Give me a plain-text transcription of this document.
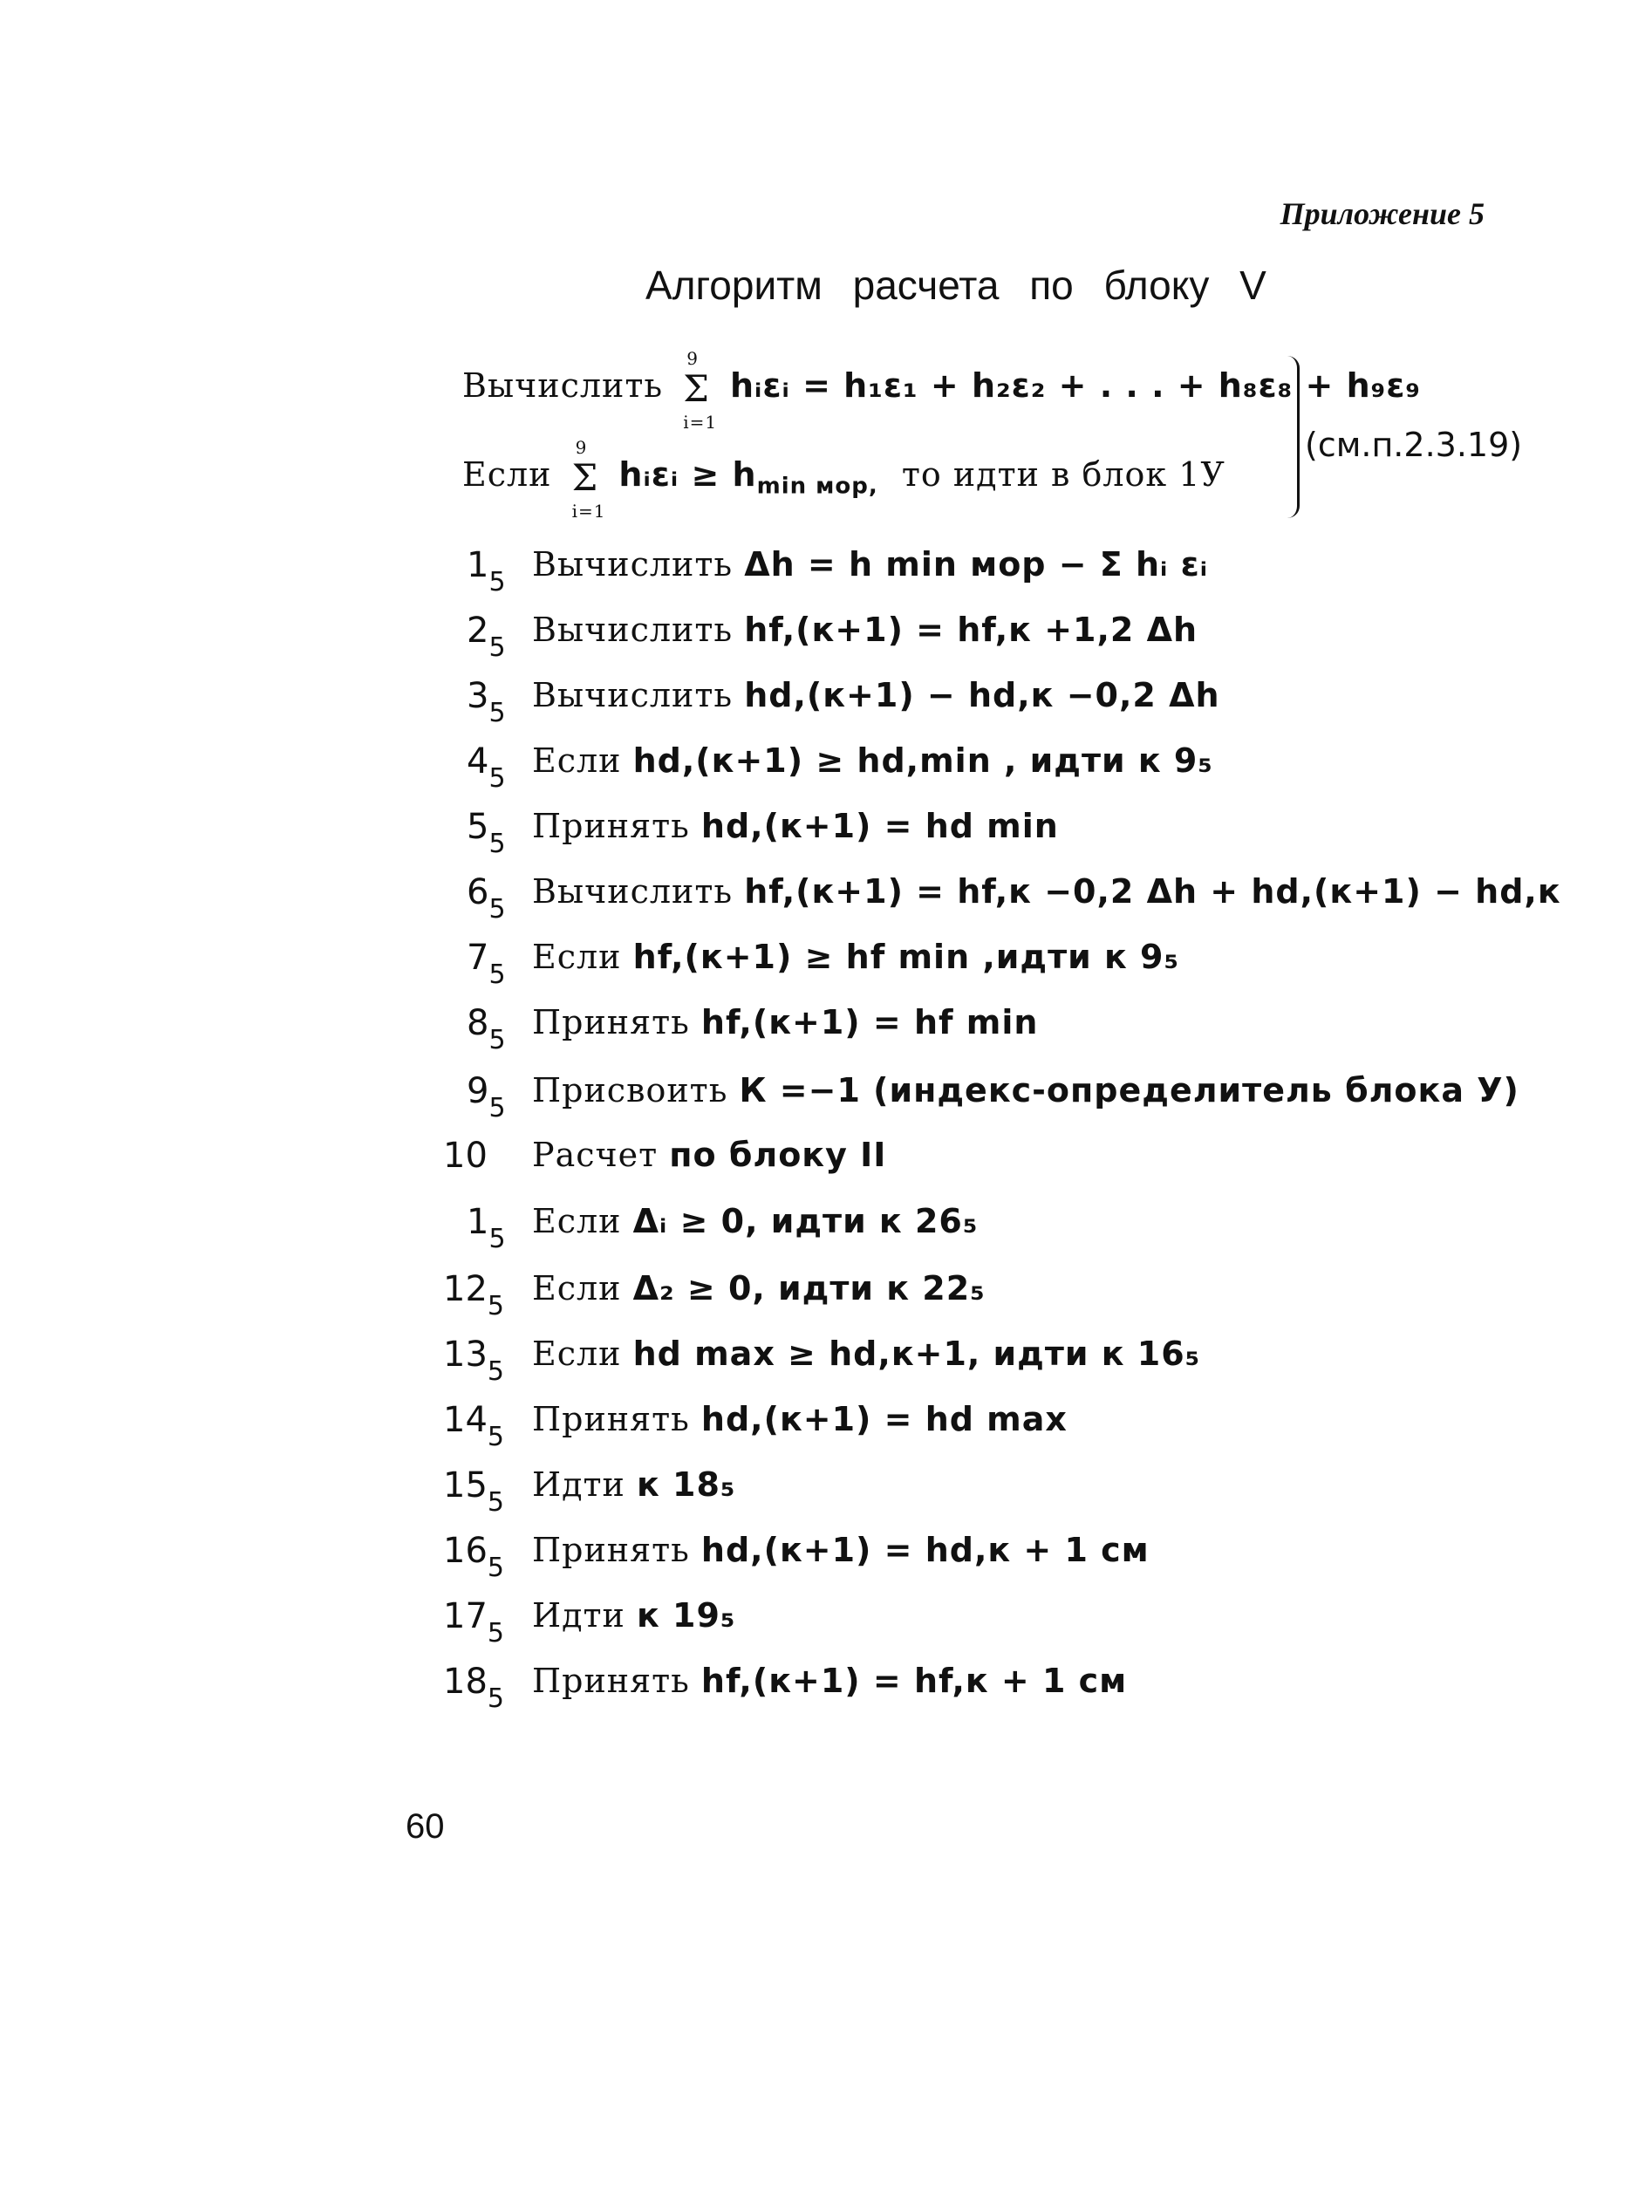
Приложение 5
Алгоритм расчета по блоку V
Вычислить Σ
9
i=1
hᵢεᵢ = h₁ε₁ + h₂ε₂ + . . . + h₈ε₈ + h₉ε₉
Если Σ
9
i=1
hᵢεᵢ ≥ $h_{min мор,}$ то идти в блок 1У
(см.п.2.3.19)
$1_5$ Вычислить Δh = h min мор − Σ hᵢ εᵢ
$2_5$ Вычислить hf,(к+1) = hf,к +1,2 Δh
$3_5$ Вычислить hd,(к+1) − hd,к −0,2 Δh
$4_5$ Если hd,(к+1) ≥ hd,min , идти к 9₅
$5_5$ Принять hd,(к+1) = hd min
$6_5$ Вычислить hf,(к+1) = hf,к −0,2 Δh + hd,(к+1) − hd,к
$7_5$ Если hf,(к+1) ≥ hf min ,идти к 9₅
$8_5$ Принять hf,(к+1) = hf min
$9_5$ Присвоить К =−1 (индекс-определитель блока У)
10	Расчет по блоку II
$1_5$ Если Δᵢ ≥ 0, идти к 26₅
$12_5$ Если Δ₂ ≥ 0, идти к 22₅
$13_5$ Если hd max ≥ hd,к+1, идти к 16₅
$14_5$ Принять hd,(к+1) = hd max
$15_5$ Идти к 18₅
$16_5$ Принять hd,(к+1) = hd,к + 1 см
$17_5$ Идти к 19₅
$18_5$ Принять hf,(к+1) = hf,к + 1 см
60
